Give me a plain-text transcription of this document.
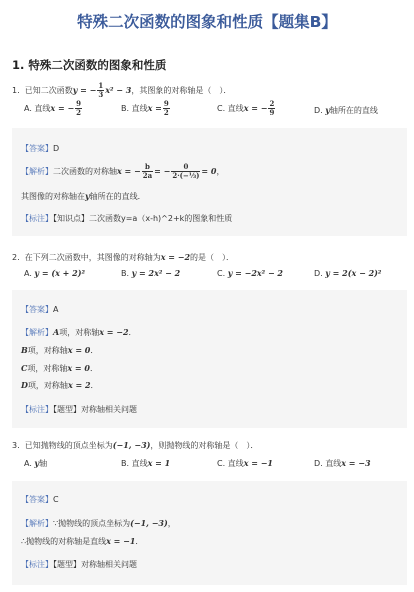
特殊二次函数的图象和性质【题集B】
1. 特殊二次函数的图象和性质
1. 已知二次函数y = − $\frac{1}{3} x^2 - 3$，其图象的对称轴是（　）．
A. 直线x = − $\frac{9}{2}$	B. 直线$x = \frac{9}{2}$	C. 直线x = − $\frac{2}{9}$	D. y轴所在的直线
【答案】D
【解析】二次函数的对称轴x = − $\frac{b}{2a}$ = − $\frac{0}{\text{2·(−⅓)}} = 0$，
其图像的对称轴在y轴所在的直线．
【标注】【知识点】二次函数y=a（x-h)^2+k的图象和性质
2. 在下列二次函数中，其图像的对称轴为x = −2的是（　）．
A. y = (x + 2)²	B. y = 2x² − 2	C. y = −2x² − 2	D. y = 2(x − 2)²
【答案】A
【解析】A项，对称轴x = −2．
B项，对称轴x = 0．
C项，对称轴x = 0．
D项，对称轴x = 2．
【标注】【题型】对称轴相关问题
3. 已知抛物线的顶点坐标为(−1, −3)，则抛物线的对称轴是（　）．
A. y轴	B. 直线x = 1	C. 直线x = −1	D. 直线x = −3
【答案】C
【解析】∵抛物线的顶点坐标为(−1, −3)，
∴抛物线的对称轴是直线x = −1．
【标注】【题型】对称轴相关问题
